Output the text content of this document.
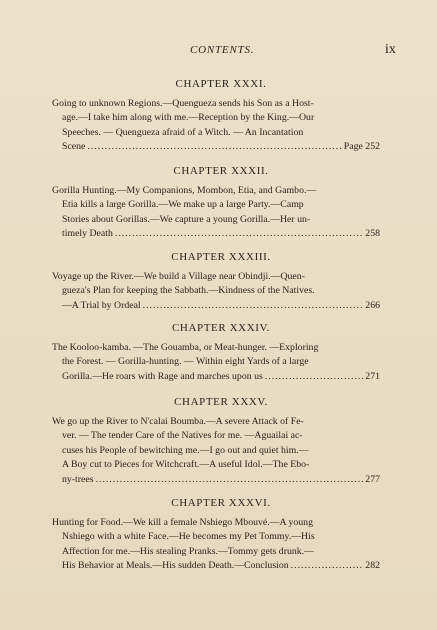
CONTENTS.	ix
CHAPTER XXXI.

Going to unknown Regions.—Quengueza sends his Son as a Host-
age.—I take him along with me.—Reception by the King.—Our
Speeches. — Quengueza afraid of a Witch. — An Incantation
Scene .....	Page 252

CHAPTER XXXII.

Gorilla Hunting.—My Companions, Mombon, Etia, and Gambo.—
Etia kills a large Gorilla.—We make up a large Party.—Camp
Stories about Gorillas.—We capture a young Gorilla.—Her un-
timely Death .....	258

CHAPTER XXXIII.

Voyage up the River.—We build a Village near Obindji.—Quen-
gueza's Plan for keeping the Sabbath.—Kindness of the Natives.
—A Trial by Ordeal .....	266

CHAPTER XXXIV.

The Kooloo-kamba. —The Gouamba, or Meat-hunger. —Exploring
the Forest. — Gorilla-hunting. — Within eight Yards of a large
Gorilla.—He roars with Rage and marches upon us .....	271

CHAPTER XXXV.

We go up the River to N'calai Boumba.—A severe Attack of Fe-
ver. — The tender Care of the Natives for me. —Aguailai ac-
cuses his People of bewitching me.—I go out and quiet him.—
A Boy cut to Pieces for Witchcraft.—A useful Idol.—The Ebo-
ny-trees .....	277

CHAPTER XXXVI.

Hunting for Food.—We kill a female Nshiego Mbouvé.—A young
Nshiego with a white Face.—He becomes my Pet Tommy.—His
Affection for me.—His stealing Pranks.—Tommy gets drunk.—
His Behavior at Meals.—His sudden Death.—Conclusion .....	282
